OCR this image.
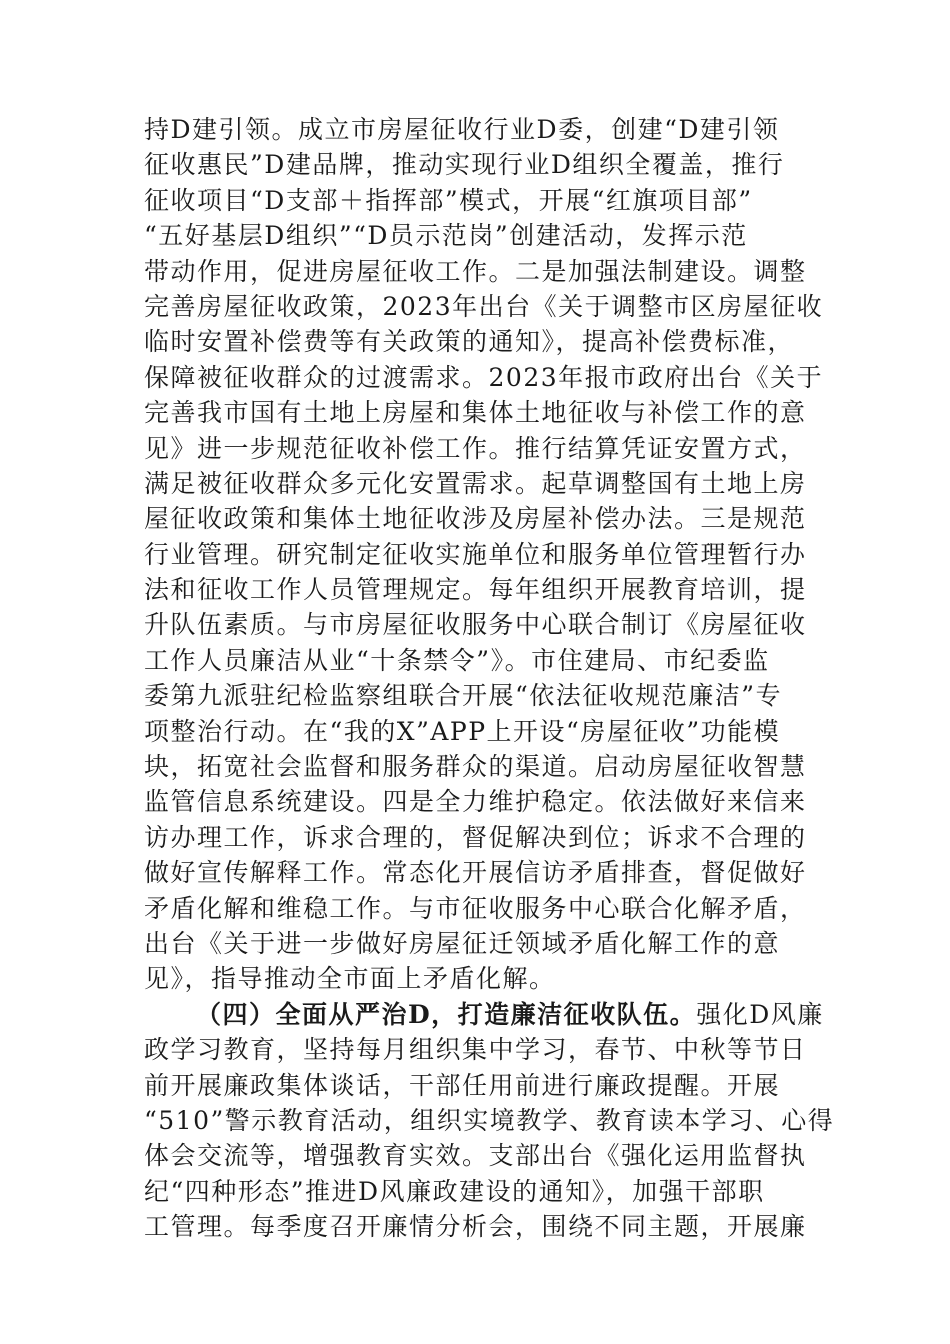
持D建引领。成立市房屋征收行业D委，创建“D建引领
征收惠民”D建品牌，推动实现行业D组织全覆盖，推行
征收项目“D支部＋指挥部”模式，开展“红旗项目部”
“五好基层D组织”“D员示范岗”创建活动，发挥示范
带动作用，促进房屋征收工作。二是加强法制建设。调整
完善房屋征收政策，2023年出台《关于调整市区房屋征收
临时安置补偿费等有关政策的通知》，提高补偿费标准，
保障被征收群众的过渡需求。2023年报市政府出台《关于
完善我市国有土地上房屋和集体土地征收与补偿工作的意
见》进一步规范征收补偿工作。推行结算凭证安置方式，
满足被征收群众多元化安置需求。起草调整国有土地上房
屋征收政策和集体土地征收涉及房屋补偿办法。三是规范
行业管理。研究制定征收实施单位和服务单位管理暂行办
法和征收工作人员管理规定。每年组织开展教育培训，提
升队伍素质。与市房屋征收服务中心联合制订《房屋征收
工作人员廉洁从业“十条禁令”》。市住建局、市纪委监
委第九派驻纪检监察组联合开展“依法征收规范廉洁”专
项整治行动。在“我的X”APP上开设“房屋征收”功能模
块，拓宽社会监督和服务群众的渠道。启动房屋征收智慧
监管信息系统建设。四是全力维护稳定。依法做好来信来
访办理工作，诉求合理的，督促解决到位；诉求不合理的
做好宣传解释工作。常态化开展信访矛盾排查，督促做好
矛盾化解和维稳工作。与市征收服务中心联合化解矛盾，
出台《关于进一步做好房屋征迁领域矛盾化解工作的意
见》，指导推动全市面上矛盾化解。
（四）全面从严治D，打造廉洁征收队伍。强化D风廉
政学习教育，坚持每月组织集中学习，春节、中秋等节日
前开展廉政集体谈话，干部任用前进行廉政提醒。开展
“510”警示教育活动，组织实境教学、教育读本学习、心得
体会交流等，增强教育实效。支部出台《强化运用监督执
纪“四种形态”推进D风廉政建设的通知》，加强干部职
工管理。每季度召开廉情分析会，围绕不同主题，开展廉
